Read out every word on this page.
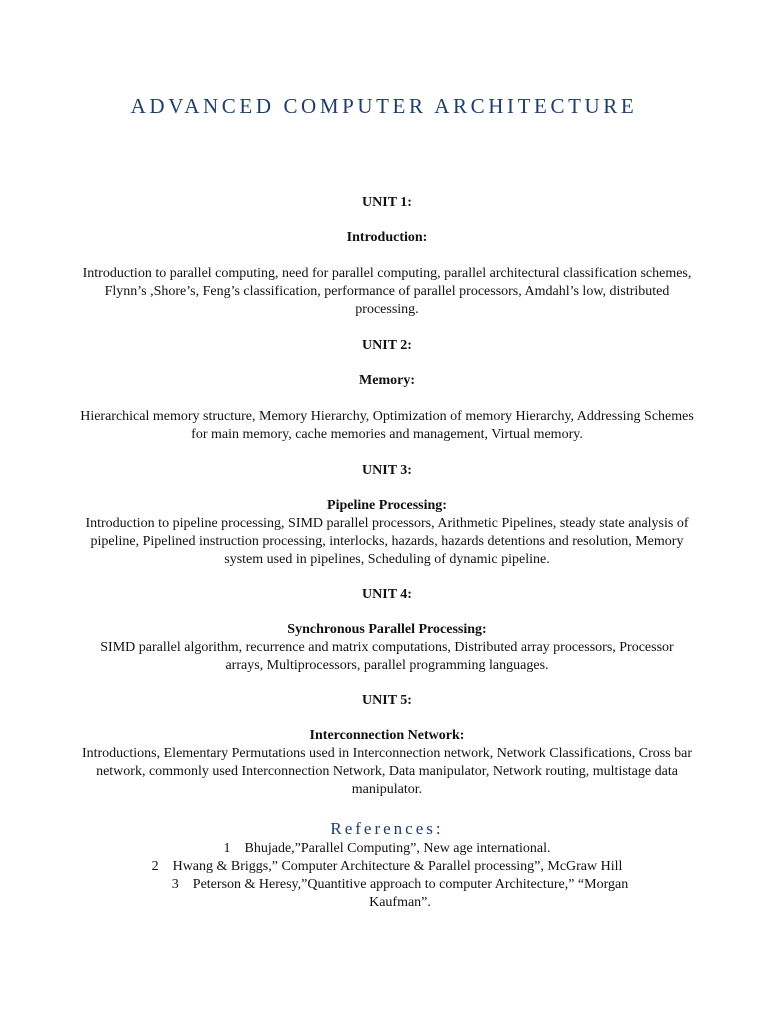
ADVANCED COMPUTER ARCHITECTURE
UNIT 1:
Introduction:
Introduction to parallel computing, need for parallel computing, parallel architectural classification schemes, Flynn’s ,Shore’s, Feng’s classification, performance of parallel processors, Amdahl’s low, distributed processing.
UNIT 2:
Memory:
Hierarchical memory structure, Memory Hierarchy, Optimization of memory Hierarchy, Addressing Schemes for main memory, cache memories and management, Virtual memory.
UNIT 3:
Pipeline Processing:
Introduction to pipeline processing, SIMD parallel processors, Arithmetic Pipelines, steady state analysis of pipeline, Pipelined instruction processing, interlocks, hazards, hazards detentions and resolution, Memory system used in pipelines, Scheduling of dynamic pipeline.
UNIT 4:
Synchronous Parallel Processing:
SIMD parallel algorithm, recurrence and matrix computations, Distributed array processors, Processor arrays, Multiprocessors, parallel programming languages.
UNIT 5:
Interconnection Network:
Introductions, Elementary Permutations used in Interconnection network, Network Classifications, Cross bar network, commonly used Interconnection Network, Data manipulator, Network routing, multistage data manipulator.
References:
1 Bhujade,”Parallel Computing”, New age international.
2 Hwang & Briggs,” Computer Architecture & Parallel processing”, McGraw Hill
3 Peterson & Heresy,”Quantitive approach to computer Architecture,” “Morgan Kaufman”.
